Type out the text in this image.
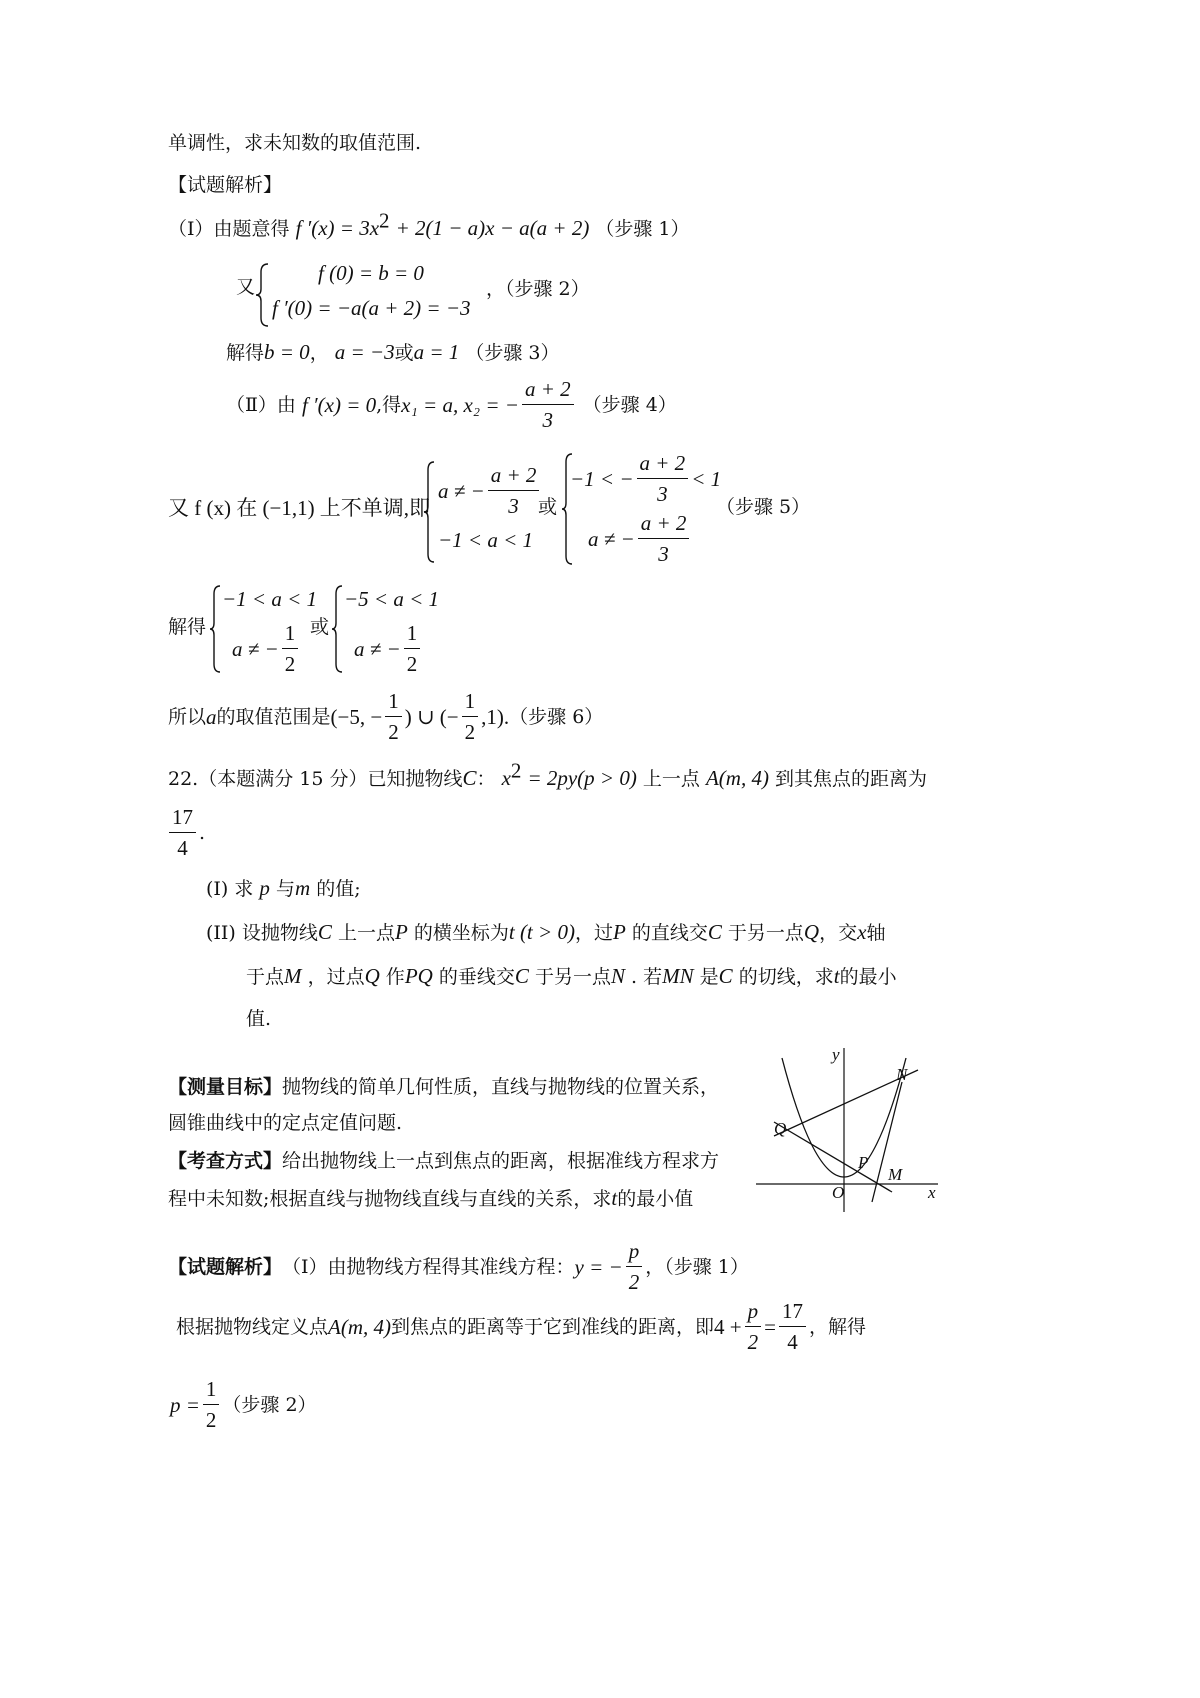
单调性，求未知数的取值范围.
【试题解析】
（Ⅰ）由题意得 f $'(x) = 3x^2 + 2(1 - a)x - a(a + 2)$ （步骤 1）
又
f (0) = b = 0
f ′(0) = −a(a + 2) = −3
，（步骤 2）
解得b = 0， a = −3或a = 1 （步骤 3）
（Ⅱ）由
f ′(x) = 0 ,得 x₁ = a, x₂ = − $\frac{a + 2}{3}$
（步骤 4）
又 f (x) 在 (−1,1) 上不单调,即
a ≠ − $\frac{a + 2}{3}$
−1 < a < 1
或
−1 < − $\frac{a + 2}{3} < 1$
a ≠ − $\frac{a + 2}{3}$
（步骤 5）
解得
−1 < a < 1
a ≠ − $\frac{1}{2}$ 或
−5 < a < 1
a ≠ − $\frac{1}{2}$
所以 a 的取值范围是 (−5, − $\frac{1}{2}$ ) ∪ (− $\frac{1}{2} ,1$). （步骤 6）
22.（本题满分 15 分）已知抛物线C： $x^2 = 2py(p > 0)$ 上一点 A(m, 4) 到其焦点的距离为
$\frac{17}{4}$ .
(I) 求 p 与m 的值;
(II) 设抛物线C 上一点P 的横坐标为t (t > 0)，过P 的直线交C 于另一点Q，交x轴
于点M ，过点Q 作PQ 的垂线交C 于另一点N . 若MN 是C 的切线，求t的最小
值.
【测量目标】抛物线的简单几何性质，直线与抛物线的位置关系，
圆锥曲线中的定点定值问题.
【考查方式】给出抛物线上一点到焦点的距离，根据准线方程求方
程中未知数;根据直线与抛物线直线与直线的关系，求t的最小值	O
y
x
N
Q
P
M
【试题解析】 （Ⅰ）由抛物线方程得其准线方程： y = − $\frac{p}{2}$ ，（步骤 1）
根据抛物线定义点 A(m, 4) 到焦点的距离等于它到准线的距离，即 $4 + \frac{p}{2} = \frac{17}{4}$ ，解得
$p = \frac{1}{2}$ （步骤 2）
